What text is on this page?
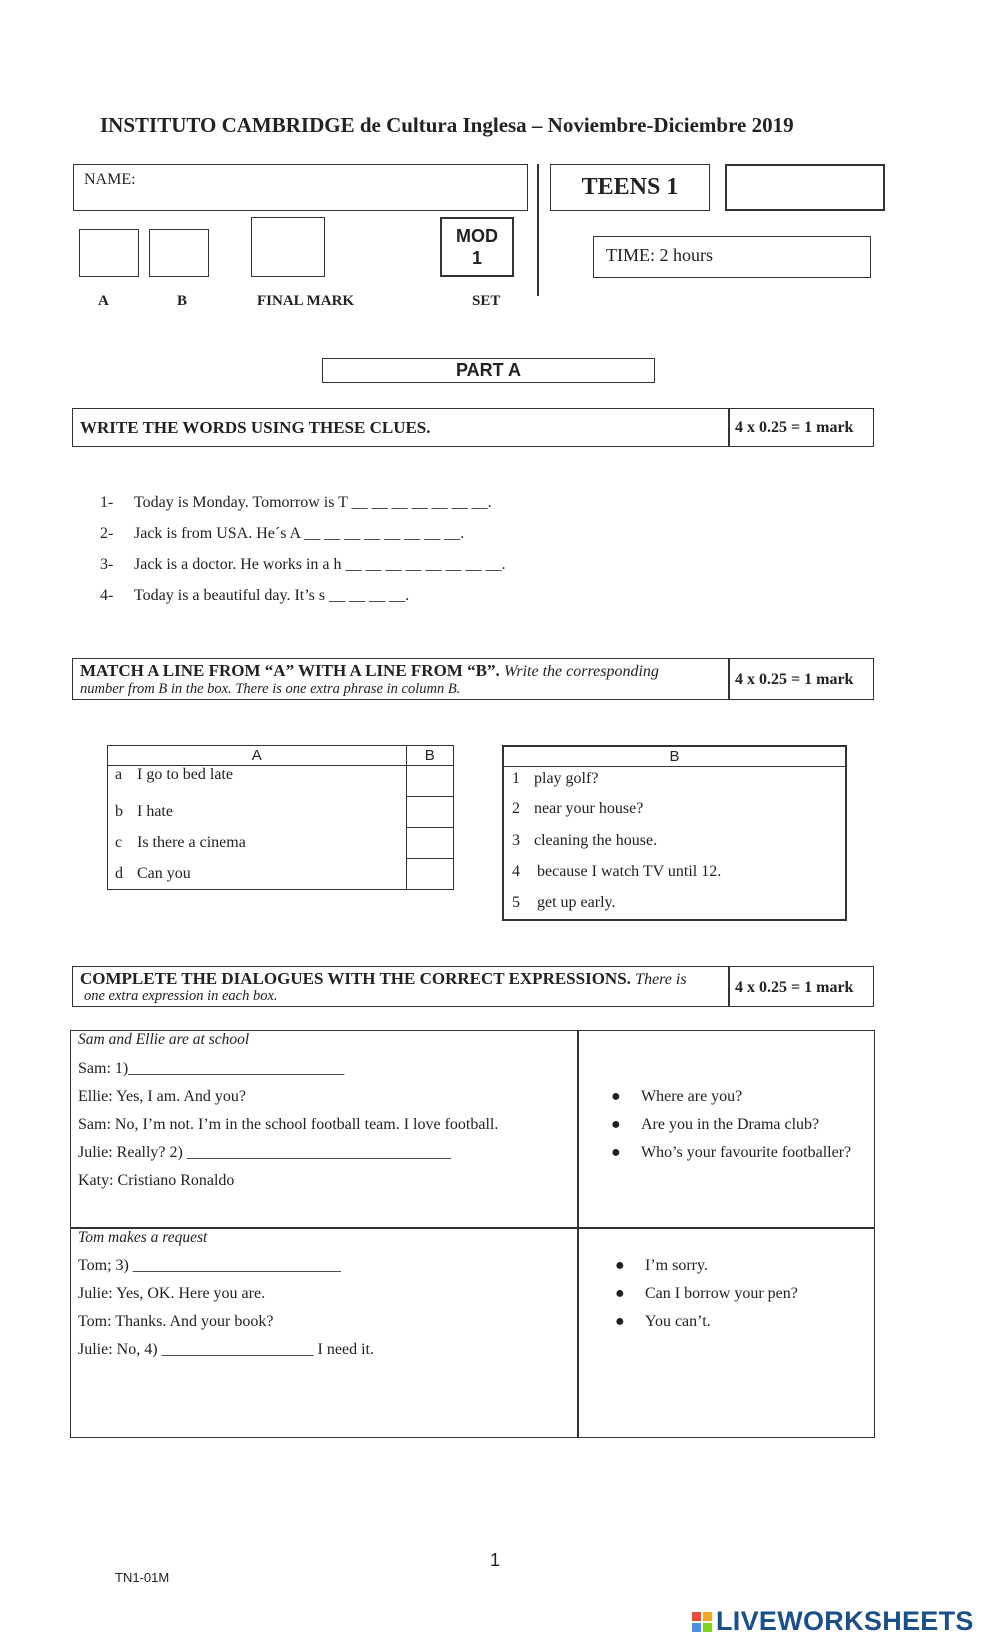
INSTITUTO CAMBRIDGE de Cultura Inglesa – Noviembre-Diciembre 2019
NAME:	TEENS 1
TIME: 2 hours
MOD
1
A	B	FINAL MARK	SET
PART A
WRITE THE WORDS USING THESE CLUES.	4 x 0.25 = 1 mark
1- Today is Monday. Tomorrow is T __ __ __ __ __ __ __.
2- Jack is from USA. He´s A __ __ __ __ __ __ __ __.
3- Jack is a doctor. He works in a h __ __ __ __ __ __ __ __.
4- Today is a beautiful day. It’s s __ __ __ __.
MATCH A LINE FROM “A” WITH A LINE FROM “B”. Write the corresponding
number from B in the box. There is one extra phrase in column B.
4 x 0.25 = 1 mark
A	B
a I go to bed late	
b I hate	
c Is there a cinema	
d Can you	
B
1 play golf?
2 near your house?
3 cleaning the house.
4 because I watch TV until 12.
5 get up early.
COMPLETE THE DIALOGUES WITH THE CORRECT EXPRESSIONS. There is
one extra expression in each box.	4 x 0.25 = 1 mark
Sam and Ellie are at school
Sam: 1)___________________________
Ellie: Yes, I am. And you?
Sam: No, I’m not. I’m in the school football team. I love football.
Julie: Really? 2) _________________________________
Katy: Cristiano Ronaldo
● Where are you?
● Are you in the Drama club?
● Who’s your favourite footballer?
Tom makes a request
Tom; 3) __________________________
Julie: Yes, OK. Here you are.
Tom: Thanks. And your book?
Julie: No, 4) ___________________ I need it.
● I’m sorry.
● Can I borrow your pen?
● You can’t.
1
TN1-01M
LIVEWORKSHEETS
